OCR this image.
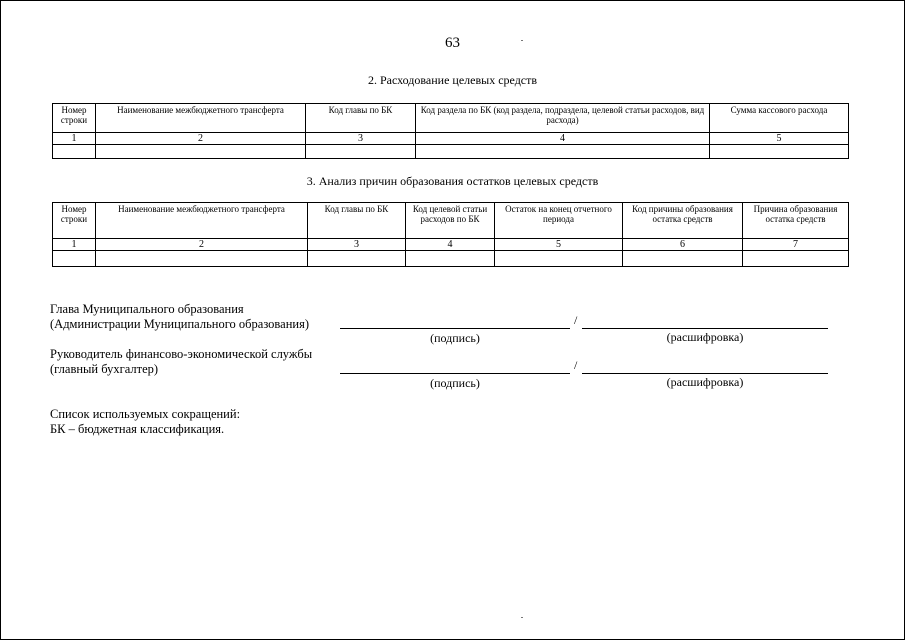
63
2. Расходование целевых средств
Номер строки	Наименование межбюджетного трансферта	Код главы по БК	Код раздела по БК (код раздела, подраздела, целевой статьи расходов, вид расхода)	Сумма кассового расхода
1	2	3	4	5

3. Анализ причин образования остатков целевых средств
Номер строки	Наименование межбюджетного трансферта	Код главы по БК	Код целевой статьи расходов по БК	Остаток на конец отчетного периода	Код причины образования остатка средств	Причина образования остатка средств
1	2	3	4	5	6	7

Глава Муниципального образования
(Администрации Муниципального образования)	/
(подпись)	(расшифровка)
Руководитель финансово-экономической службы
(главный бухгалтер)	/
(подпись)	(расшифровка)
Список используемых сокращений:
БК – бюджетная классификация.
